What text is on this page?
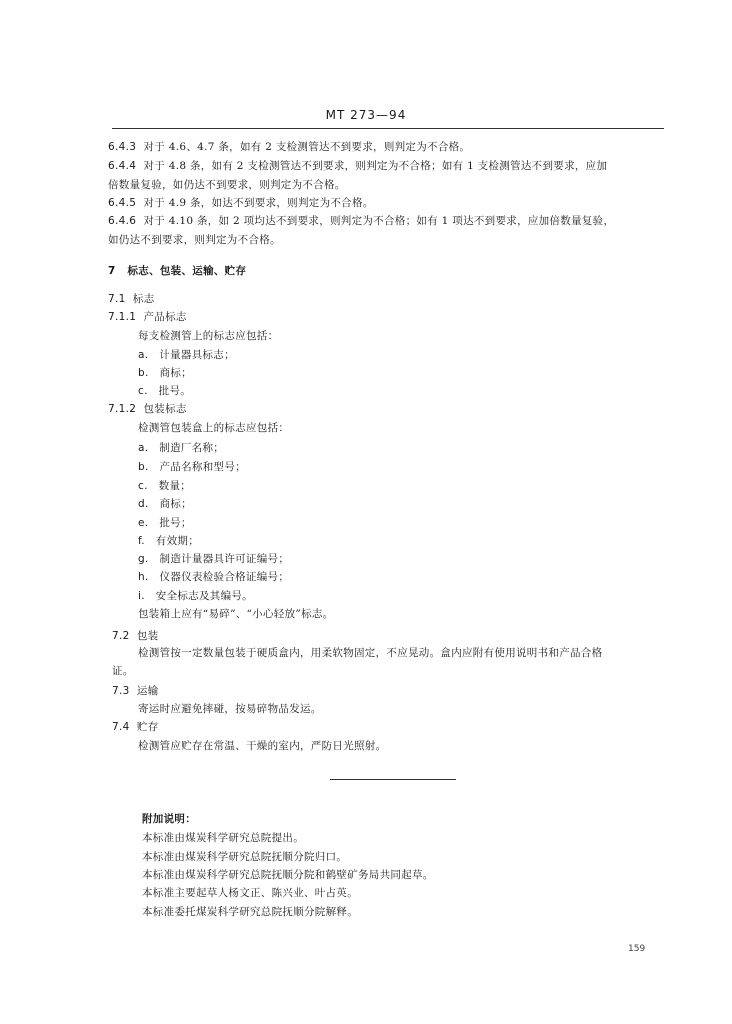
MT 273—94
6.4.3 对于 4.6、4.7 条，如有 2 支检测管达不到要求，则判定为不合格。
6.4.4 对于 4.8 条，如有 2 支检测管达不到要求，则判定为不合格；如有 1 支检测管达不到要求，应加
倍数量复验，如仍达不到要求，则判定为不合格。
6.4.5 对于 4.9 条，如达不到要求，则判定为不合格。
6.4.6 对于 4.10 条，如 2 项均达不到要求，则判定为不合格；如有 1 项达不到要求，应加倍数量复验，
如仍达不到要求，则判定为不合格。
7 标志、包装、运输、贮存
7.1 标志
7.1.1 产品标志
每支检测管上的标志应包括：
a. 计量器具标志；
b. 商标；
c. 批号。
7.1.2 包装标志
检测管包装盒上的标志应包括：
a. 制造厂名称；
b. 产品名称和型号；
c. 数量；
d. 商标；
e. 批号；
f. 有效期；
g. 制造计量器具许可证编号；
h. 仪器仪表检验合格证编号；
i. 安全标志及其编号。
包装箱上应有“易碎”、“小心轻放”标志。
7.2 包装
检测管按一定数量包装于硬质盒内，用柔软物固定，不应晃动。盒内应附有使用说明书和产品合格
证。
7.3 运输
寄运时应避免摔碰，按易碎物品发运。
7.4 贮存
检测管应贮存在常温、干燥的室内，严防日光照射。
附加说明：
本标准由煤炭科学研究总院提出。
本标准由煤炭科学研究总院抚顺分院归口。
本标准由煤炭科学研究总院抚顺分院和鹤壁矿务局共同起草。
本标准主要起草人杨文正、陈兴业、叶占英。
本标准委托煤炭科学研究总院抚顺分院解释。
159
